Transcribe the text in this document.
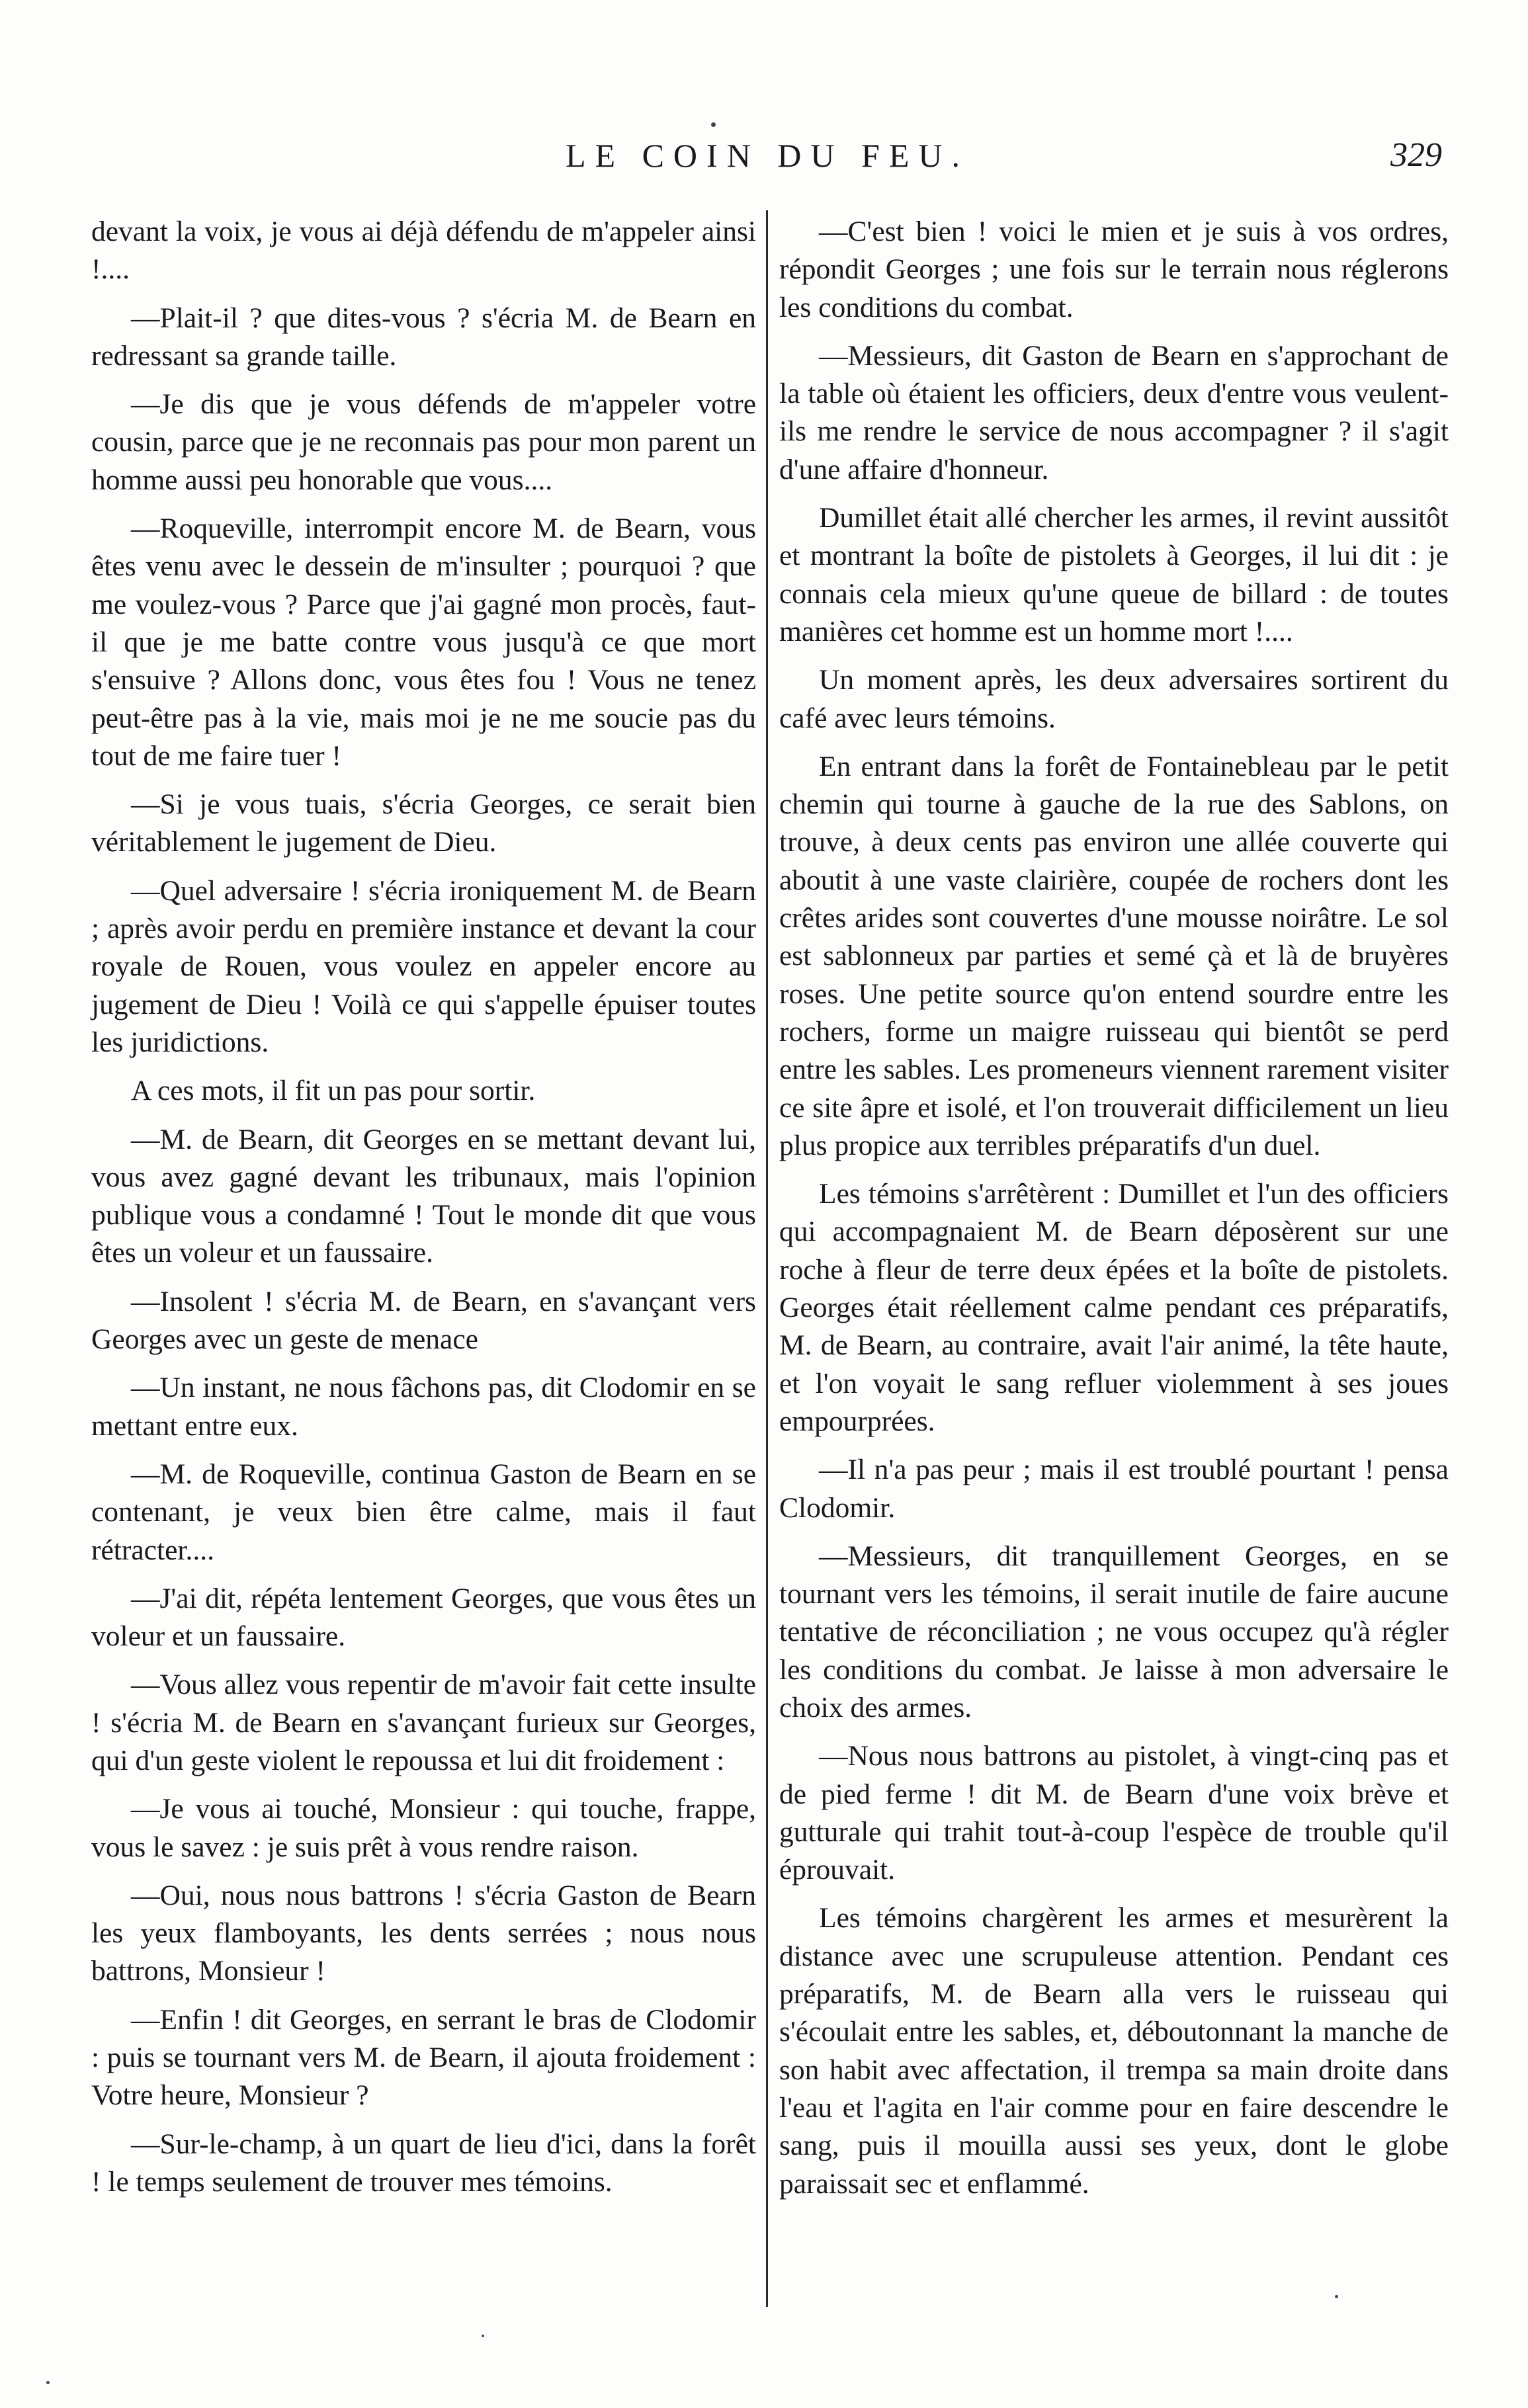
LE COIN DU FEU.	329

devant la voix, je vous ai déjà défendu de m'appeler ainsi !....

—Plait-il ? que dites-vous ? s'écria M. de Bearn en redressant sa grande taille.

—Je dis que je vous défends de m'appeler votre cousin, parce que je ne reconnais pas pour mon parent un homme aussi peu honorable que vous....

—Roqueville, interrompit encore M. de Bearn, vous êtes venu avec le dessein de m'insulter ; pourquoi ? que me voulez-vous ? Parce que j'ai gagné mon procès, faut-il que je me batte contre vous jusqu'à ce que mort s'ensuive ? Allons donc, vous êtes fou ! Vous ne tenez peut-être pas à la vie, mais moi je ne me soucie pas du tout de me faire tuer !

—Si je vous tuais, s'écria Georges, ce serait bien véritablement le jugement de Dieu.

—Quel adversaire ! s'écria ironiquement M. de Bearn ; après avoir perdu en première instance et devant la cour royale de Rouen, vous voulez en appeler encore au jugement de Dieu ! Voilà ce qui s'appelle épuiser toutes les juridictions.

A ces mots, il fit un pas pour sortir.

—M. de Bearn, dit Georges en se mettant devant lui, vous avez gagné devant les tribunaux, mais l'opinion publique vous a condamné ! Tout le monde dit que vous êtes un voleur et un faussaire.

—Insolent ! s'écria M. de Bearn, en s'avançant vers Georges avec un geste de menace

—Un instant, ne nous fâchons pas, dit Clodomir en se mettant entre eux.

—M. de Roqueville, continua Gaston de Bearn en se contenant, je veux bien être calme, mais il faut rétracter....

—J'ai dit, répéta lentement Georges, que vous êtes un voleur et un faussaire.

—Vous allez vous repentir de m'avoir fait cette insulte ! s'écria M. de Bearn en s'avançant furieux sur Georges, qui d'un geste violent le repoussa et lui dit froidement :

—Je vous ai touché, Monsieur : qui touche, frappe, vous le savez : je suis prêt à vous rendre raison.

—Oui, nous nous battrons ! s'écria Gaston de Bearn les yeux flamboyants, les dents serrées ; nous nous battrons, Monsieur !

—Enfin ! dit Georges, en serrant le bras de Clodomir : puis se tournant vers M. de Bearn, il ajouta froidement : Votre heure, Monsieur ?

—Sur-le-champ, à un quart de lieu d'ici, dans la forêt ! le temps seulement de trouver mes témoins.

—C'est bien ! voici le mien et je suis à vos ordres, répondit Georges ; une fois sur le terrain nous réglerons les conditions du combat.

—Messieurs, dit Gaston de Bearn en s'approchant de la table où étaient les officiers, deux d'entre vous veulent-ils me rendre le service de nous accompagner ? il s'agit d'une affaire d'honneur.

Dumillet était allé chercher les armes, il revint aussitôt et montrant la boîte de pistolets à Georges, il lui dit : je connais cela mieux qu'une queue de billard : de toutes manières cet homme est un homme mort !....

Un moment après, les deux adversaires sortirent du café avec leurs témoins.

En entrant dans la forêt de Fontainebleau par le petit chemin qui tourne à gauche de la rue des Sablons, on trouve, à deux cents pas environ une allée couverte qui aboutit à une vaste clairière, coupée de rochers dont les crêtes arides sont couvertes d'une mousse noirâtre. Le sol est sablonneux par parties et semé çà et là de bruyères roses. Une petite source qu'on entend sourdre entre les rochers, forme un maigre ruisseau qui bientôt se perd entre les sables. Les promeneurs viennent rarement visiter ce site âpre et isolé, et l'on trouverait difficilement un lieu plus propice aux terribles préparatifs d'un duel.

Les témoins s'arrêtèrent : Dumillet et l'un des officiers qui accompagnaient M. de Bearn déposèrent sur une roche à fleur de terre deux épées et la boîte de pistolets. Georges était réellement calme pendant ces préparatifs, M. de Bearn, au contraire, avait l'air animé, la tête haute, et l'on voyait le sang refluer violemment à ses joues empourprées.

—Il n'a pas peur ; mais il est troublé pourtant ! pensa Clodomir.

—Messieurs, dit tranquillement Georges, en se tournant vers les témoins, il serait inutile de faire aucune tentative de réconciliation ; ne vous occupez qu'à régler les conditions du combat. Je laisse à mon adversaire le choix des armes.

—Nous nous battrons au pistolet, à vingt-cinq pas et de pied ferme ! dit M. de Bearn d'une voix brève et gutturale qui trahit tout-à-coup l'espèce de trouble qu'il éprouvait.

Les témoins chargèrent les armes et mesurèrent la distance avec une scrupuleuse attention. Pendant ces préparatifs, M. de Bearn alla vers le ruisseau qui s'écoulait entre les sables, et, déboutonnant la manche de son habit avec affectation, il trempa sa main droite dans l'eau et l'agita en l'air comme pour en faire descendre le sang, puis il mouilla aussi ses yeux, dont le globe paraissait sec et enflammé.
